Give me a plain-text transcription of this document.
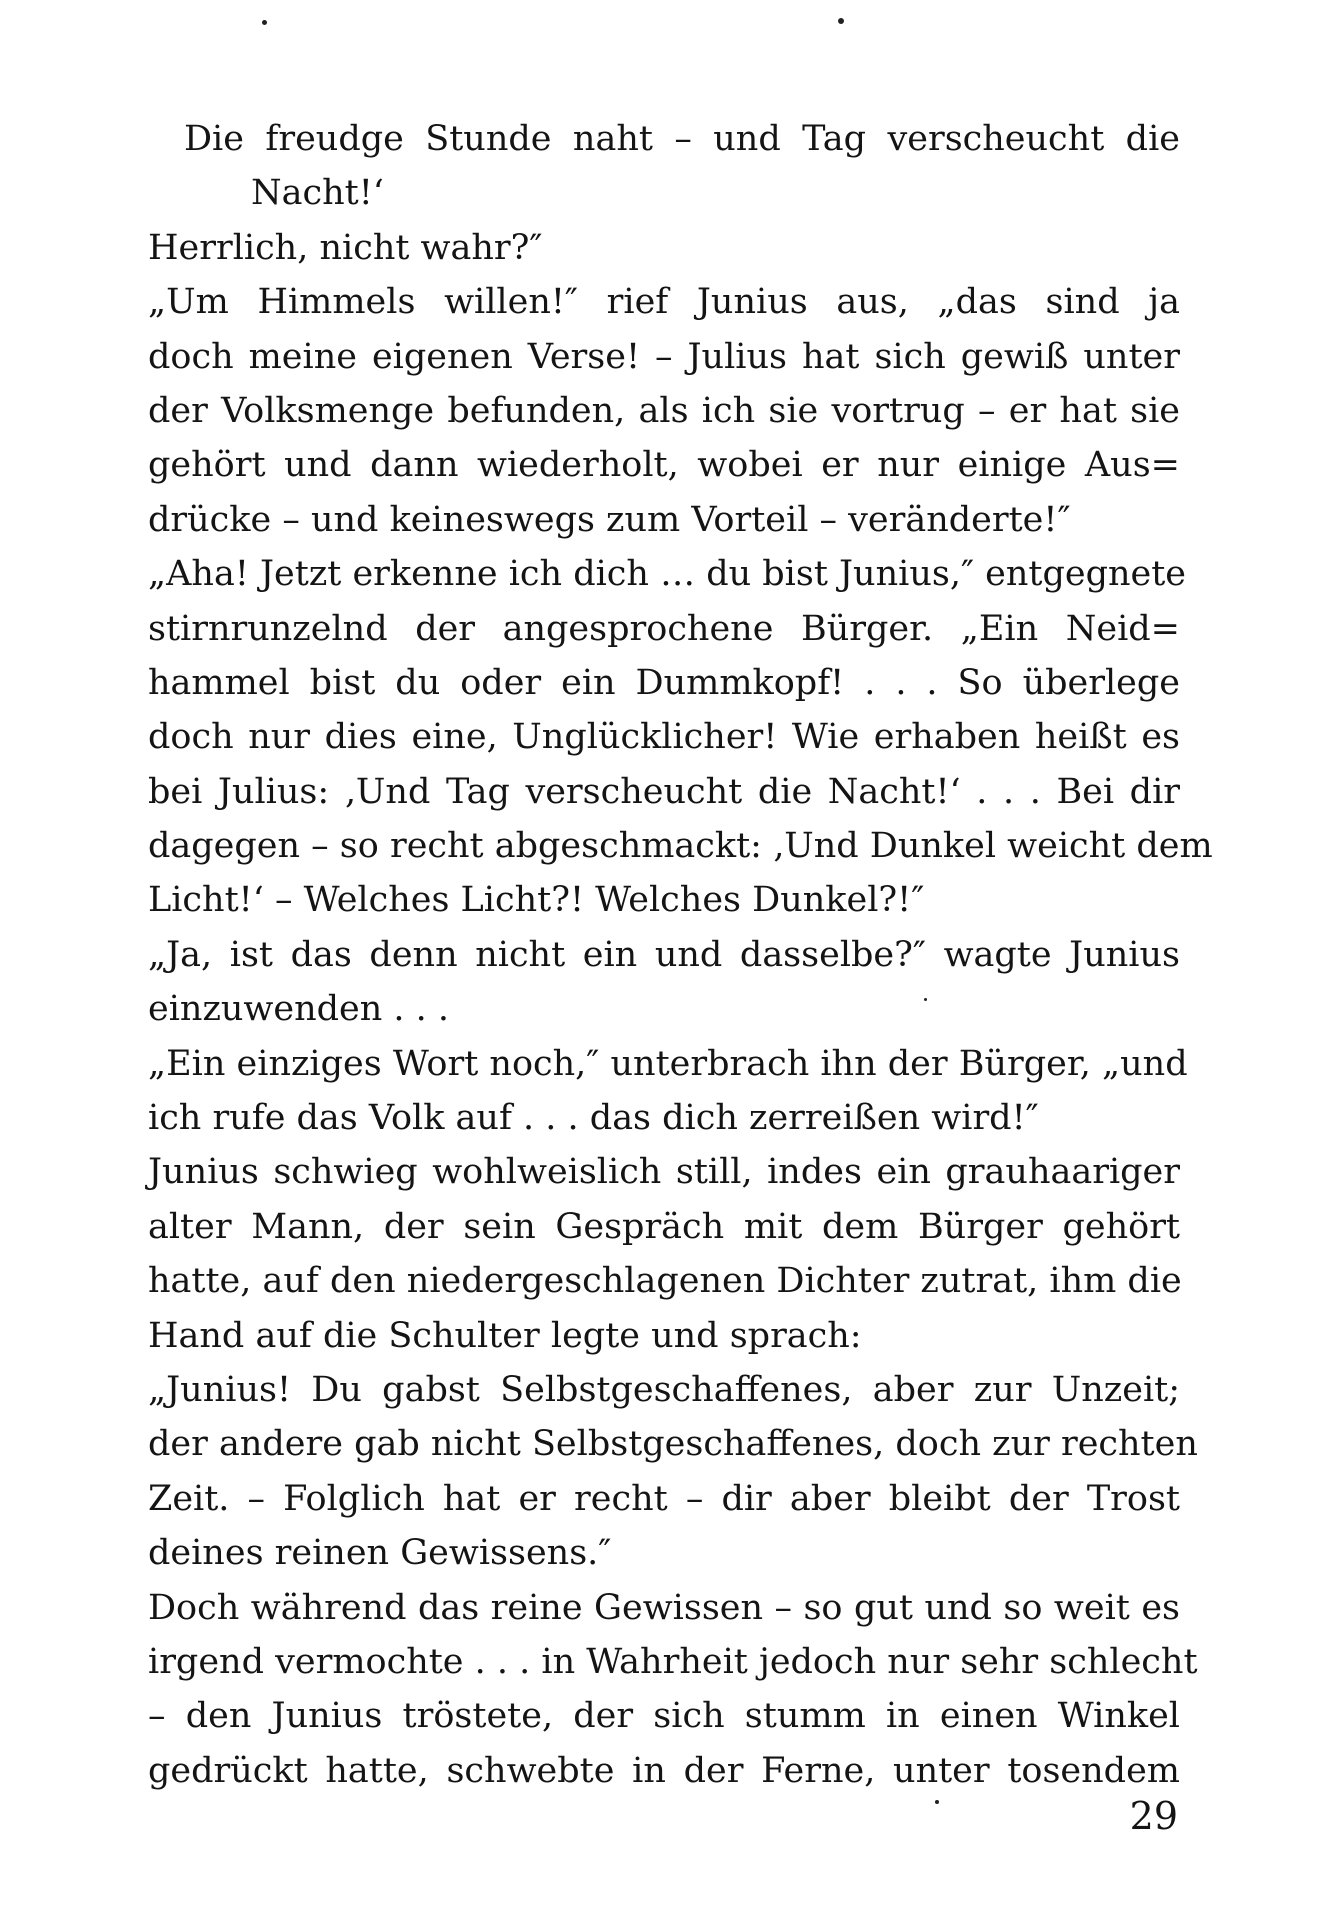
Die freudge Stunde naht – und Tag verscheucht die
Nacht!‘
Herrlich, nicht wahr?″
„Um Himmels willen!″ rief Junius aus, „das sind ja
doch meine eigenen Verse! – Julius hat sich gewiß unter
der Volksmenge befunden, als ich sie vortrug – er hat sie
gehört und dann wiederholt, wobei er nur einige Aus=
drücke – und keineswegs zum Vorteil – veränderte!″
„Aha! Jetzt erkenne ich dich … du bist Junius,″ entgegnete
stirnrunzelnd der angesprochene Bürger. „Ein Neid=
hammel bist du oder ein Dummkopf! . . . So überlege
doch nur dies eine, Unglücklicher! Wie erhaben heißt es
bei Julius: ‚Und Tag verscheucht die Nacht!‘ . . . Bei dir
dagegen – so recht abgeschmackt: ‚Und Dunkel weicht dem
Licht!‘ – Welches Licht?! Welches Dunkel?!″
„Ja, ist das denn nicht ein und dasselbe?″ wagte Junius
einzuwenden . . .
„Ein einziges Wort noch,″ unterbrach ihn der Bürger, „und
ich rufe das Volk auf . . . das dich zerreißen wird!″
Junius schwieg wohlweislich still, indes ein grauhaariger
alter Mann, der sein Gespräch mit dem Bürger gehört
hatte, auf den niedergeschlagenen Dichter zutrat, ihm die
Hand auf die Schulter legte und sprach:
„Junius! Du gabst Selbstgeschaffenes, aber zur Unzeit;
der andere gab nicht Selbstgeschaffenes, doch zur rechten
Zeit. – Folglich hat er recht – dir aber bleibt der Trost
deines reinen Gewissens.″
Doch während das reine Gewissen – so gut und so weit es
irgend vermochte . . . in Wahrheit jedoch nur sehr schlecht
– den Junius tröstete, der sich stumm in einen Winkel
gedrückt hatte, schwebte in der Ferne, unter tosendem
29
